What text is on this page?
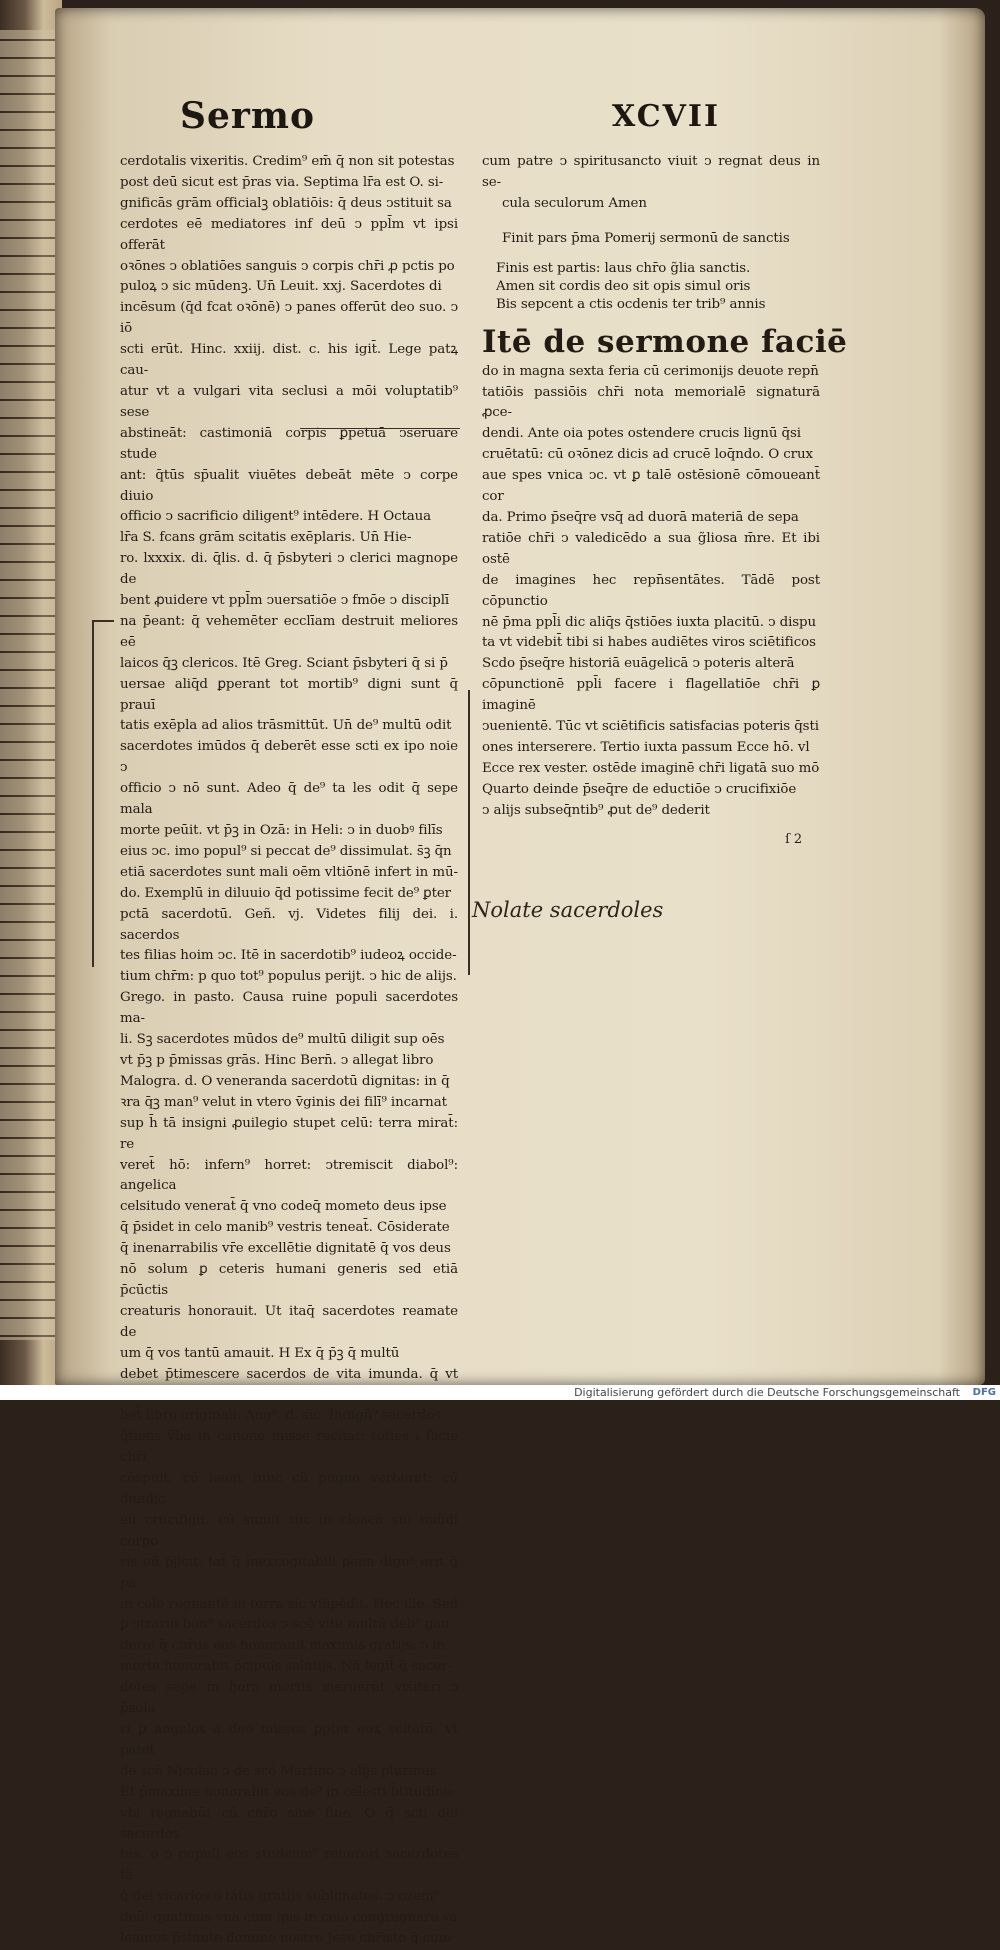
Sermo	XCVII

cerdotalis vixeritis. Credim⁹ em̄ q̄ non sit potestas

post deū sicut est p̄ras via. Septima lr̄a est O. si-

gnificās grām officialꝫ oblatiōis: q̄ deus ↄstituit sa

cerdotes eē mediatores inf deū ↄ ppl̄m vt ipsi offerāt

oꝛōnes ↄ oblatiōes sanguis ↄ corpis chr̄i ꝓ pctis po

puloꝝ ↄ sic mūdenꝫ. Un̄ Leuit. xxj. Sacerdotes di

incēsum (q̄d fcat oꝛōnē) ↄ panes offerūt deo suo. ↄ iō

scti erūt. Hinc. xxiij. dist. c. his igit̄. Lege patꝝ cau-

atur vt a vulgari vita seclusi a mōi voluptatib⁹ sese

abstineāt: castimoniā corpis ꝑpetuā ↄseruare stude

ant: q̄tūs sp̄ualit viuētes debeāt mēte ↄ corpe diuio

officio ↄ sacrificio diligent⁹ intēdere. H Octaua

lr̄a S. fcans grām scitatis exēplaris. Un̄ Hie-

ro. lxxxix. di. q̄lis. d. q̄ p̄sbyteri ↄ clerici magnope de

bent ꝓuidere vt ppl̄m ↄuersatiōe ↄ fmōe ↄ disciplī

na p̄eant: q̄ vehemēter ecclīam destruit meliores eē

laicos q̄ꝫ clericos. Itē Greg. Sciant p̄sbyteri q̄ si p̄

uersae aliq̄d ꝑperant tot mortib⁹ digni sunt q̄ prauī

tatis exēpla ad alios trāsmittūt. Un̄ de⁹ multū odit

sacerdotes imūdos q̄ deberēt esse scti ex ipo noie ↄ

officio ↄ nō sunt. Adeo q̄ de⁹ ta les odit q̄ sepe mala

morte peūit. vt p̄ꝫ in Ozā: in Heli: ↄ in duobꝰ filīs

eius ↄc. imo popul⁹ si peccat de⁹ dissimulat. s̄ꝫ q̄n

etiā sacerdotes sunt mali oēm vltiōnē infert in mū-

do. Exemplū in diluuio q̄d potissime fecit de⁹ ꝑter

pctā sacerdotū. Geñ. vj. Videtes filij dei. i. sacerdos

tes filias hoim ↄc. Itē in sacerdotib⁹ iudeoꝝ occide-

tium chr̄m: p quo tot⁹ populus perijt. ↄ hic de alijs.

Grego. in pasto. Causa ruine populi sacerdotes ma-

li. Sꝫ sacerdotes mūdos de⁹ multū diligit sup oēs

vt p̄ꝫ p p̄missas grās. Hinc Bern̄. ↄ allegat libro

Malogra. d. O veneranda sacerdotū dignitas: in q̄

ꝛra q̄ꝫ man⁹ velut in vtero v̄ginis dei filī⁹ incarnat

sup h̄ tā insigni ꝓuilegio stupet celū: terra mirat̄: re

veret̄ hō: infern⁹ horret: ↄtremiscit diabol⁹: angelica

celsitudo venerat̄ q̄ vno codeq̄ mometo deus ipse

q̄ p̄sidet in celo manib⁹ vestris teneat̄. Cōsiderate

q̄ inenarrabilis vr̄e excellētie dignitatē q̄ vos deus

nō solum ꝑ ceteris humani generis sed etiā p̄cūctis

creaturis honorauit. Ut itaq̄ sacerdotes reamate de

um q̄ vos tantū amauit. H Ex q̄ p̄ꝫ q̄ multū

debet p̄timescere sacerdos de vita imunda. q̄ vt

bet̄ libro originali. Aug⁹. d. sic. Indigñ⁹ sacerdos

q̄tiens v̄ba in canone misse recitat: toties i facie chr̄i

cōspuit. cū leuat tunc cū pugno verberat: cū diuidic

eū crucifigit. cū sumit tūc in cloacā sui imūdi corpo

ris eū p̄jicit. tat̄ q̄ inexcogitabili pena dign⁹ erit q̄ pa

in celo regnantē in terra sic vilipēdit. Hec ille. Sed

ꝑ ↄtrariū bon⁹ sacerdos ↄ scē vite multū deb⁹ gau

dere: q̄ chr̄us eos honorauit maximis gratijs: ↄ in

morte honorabit p̄cipuis solatijs. Nā legit̄ q̄ sacer-

dotes sepe in hora mortis meruerūt visitari ↄ p̄sola

ri ꝑ angelos a deo missos ꝑpter eoꝝ scitatē: vt patet

de scō Nicolao ↄ de scō Martino ↄ alijs plurimis

Et p̄maxime honorabit eos de⁹ in celesti b̄titudine:

vbi regnabūt cū chr̄o sine fine. O q̄ scti dei sacerdos

tes. o ↄ populi eos studeam⁹ reuereri sacerdotes tā-

q̄ dei vicarios ↄ tātis gratijs sublimatos. ↄ ozem⁹

deū: quatinus vna cum ipis in celo congregnare va

leamus p̄stante domino nostro Jesu chr̄isto q̄ cum

cum patre ↄ spiritusancto viuit ↄ regnat deus in se-

cula seculorum Amen

Finit pars p̄ma Pomerij sermonū de sanctis

Finis est partis: laus chr̄o g̃lia sanctis.

Amen sit cordis deo sit opis simul oris

Bis sepcent a ctis ocdenis ter trib⁹ annis

Itē de sermone faciē

do in magna sexta feria cū cerimonijs deuote repn̄

tatiōis passiōis chr̄i nota memorialē signaturā ꝓce-

dendi. Ante oia potes ostendere crucis lignū q̄si

cruētatū: cū oꝛōnez dicis ad crucē loq̄ndo. O crux

aue spes vnica ↄc. vt ꝑ talē ostēsionē cōmoueant̄ cor

da. Primo p̄seq̄re vsq̄ ad duorā materiā de sepa

ratiōe chr̄i ↄ valedicēdo a sua g̃liosa m̄re. Et ibi ostē

de imagines hec repn̄sentātes. Tādē post cōpunctio

nē p̄ma ppl̄i dic aliq̄s q̄stiōes iuxta placitū. ↄ dispu

ta vt videbit̄ tibi si habes audiētes viros sciētificos

Scdo p̄seq̄re historiā euāgelicā ↄ poteris alterā

cōpunctionē ppl̄i facere i flagellatiōe chr̄i ꝑ imaginē

ↄuenientē. Tūc vt sciētificis satisfacias poteris q̄sti

ones interserere. Tertio iuxta passum Ecce hō. vl

Ecce rex vester. ostēde imaginē chr̄i ligatā suo mō

Quarto deinde p̄seq̄re de eductiōe ↄ crucifixiōe

ↄ alijs subseq̄ntib⁹ ꝓut de⁹ dederit

ſ 2

Nolate sacerdoles
Digitalisierung gefördert durch die Deutsche Forschungsgemeinschaft	DFG
